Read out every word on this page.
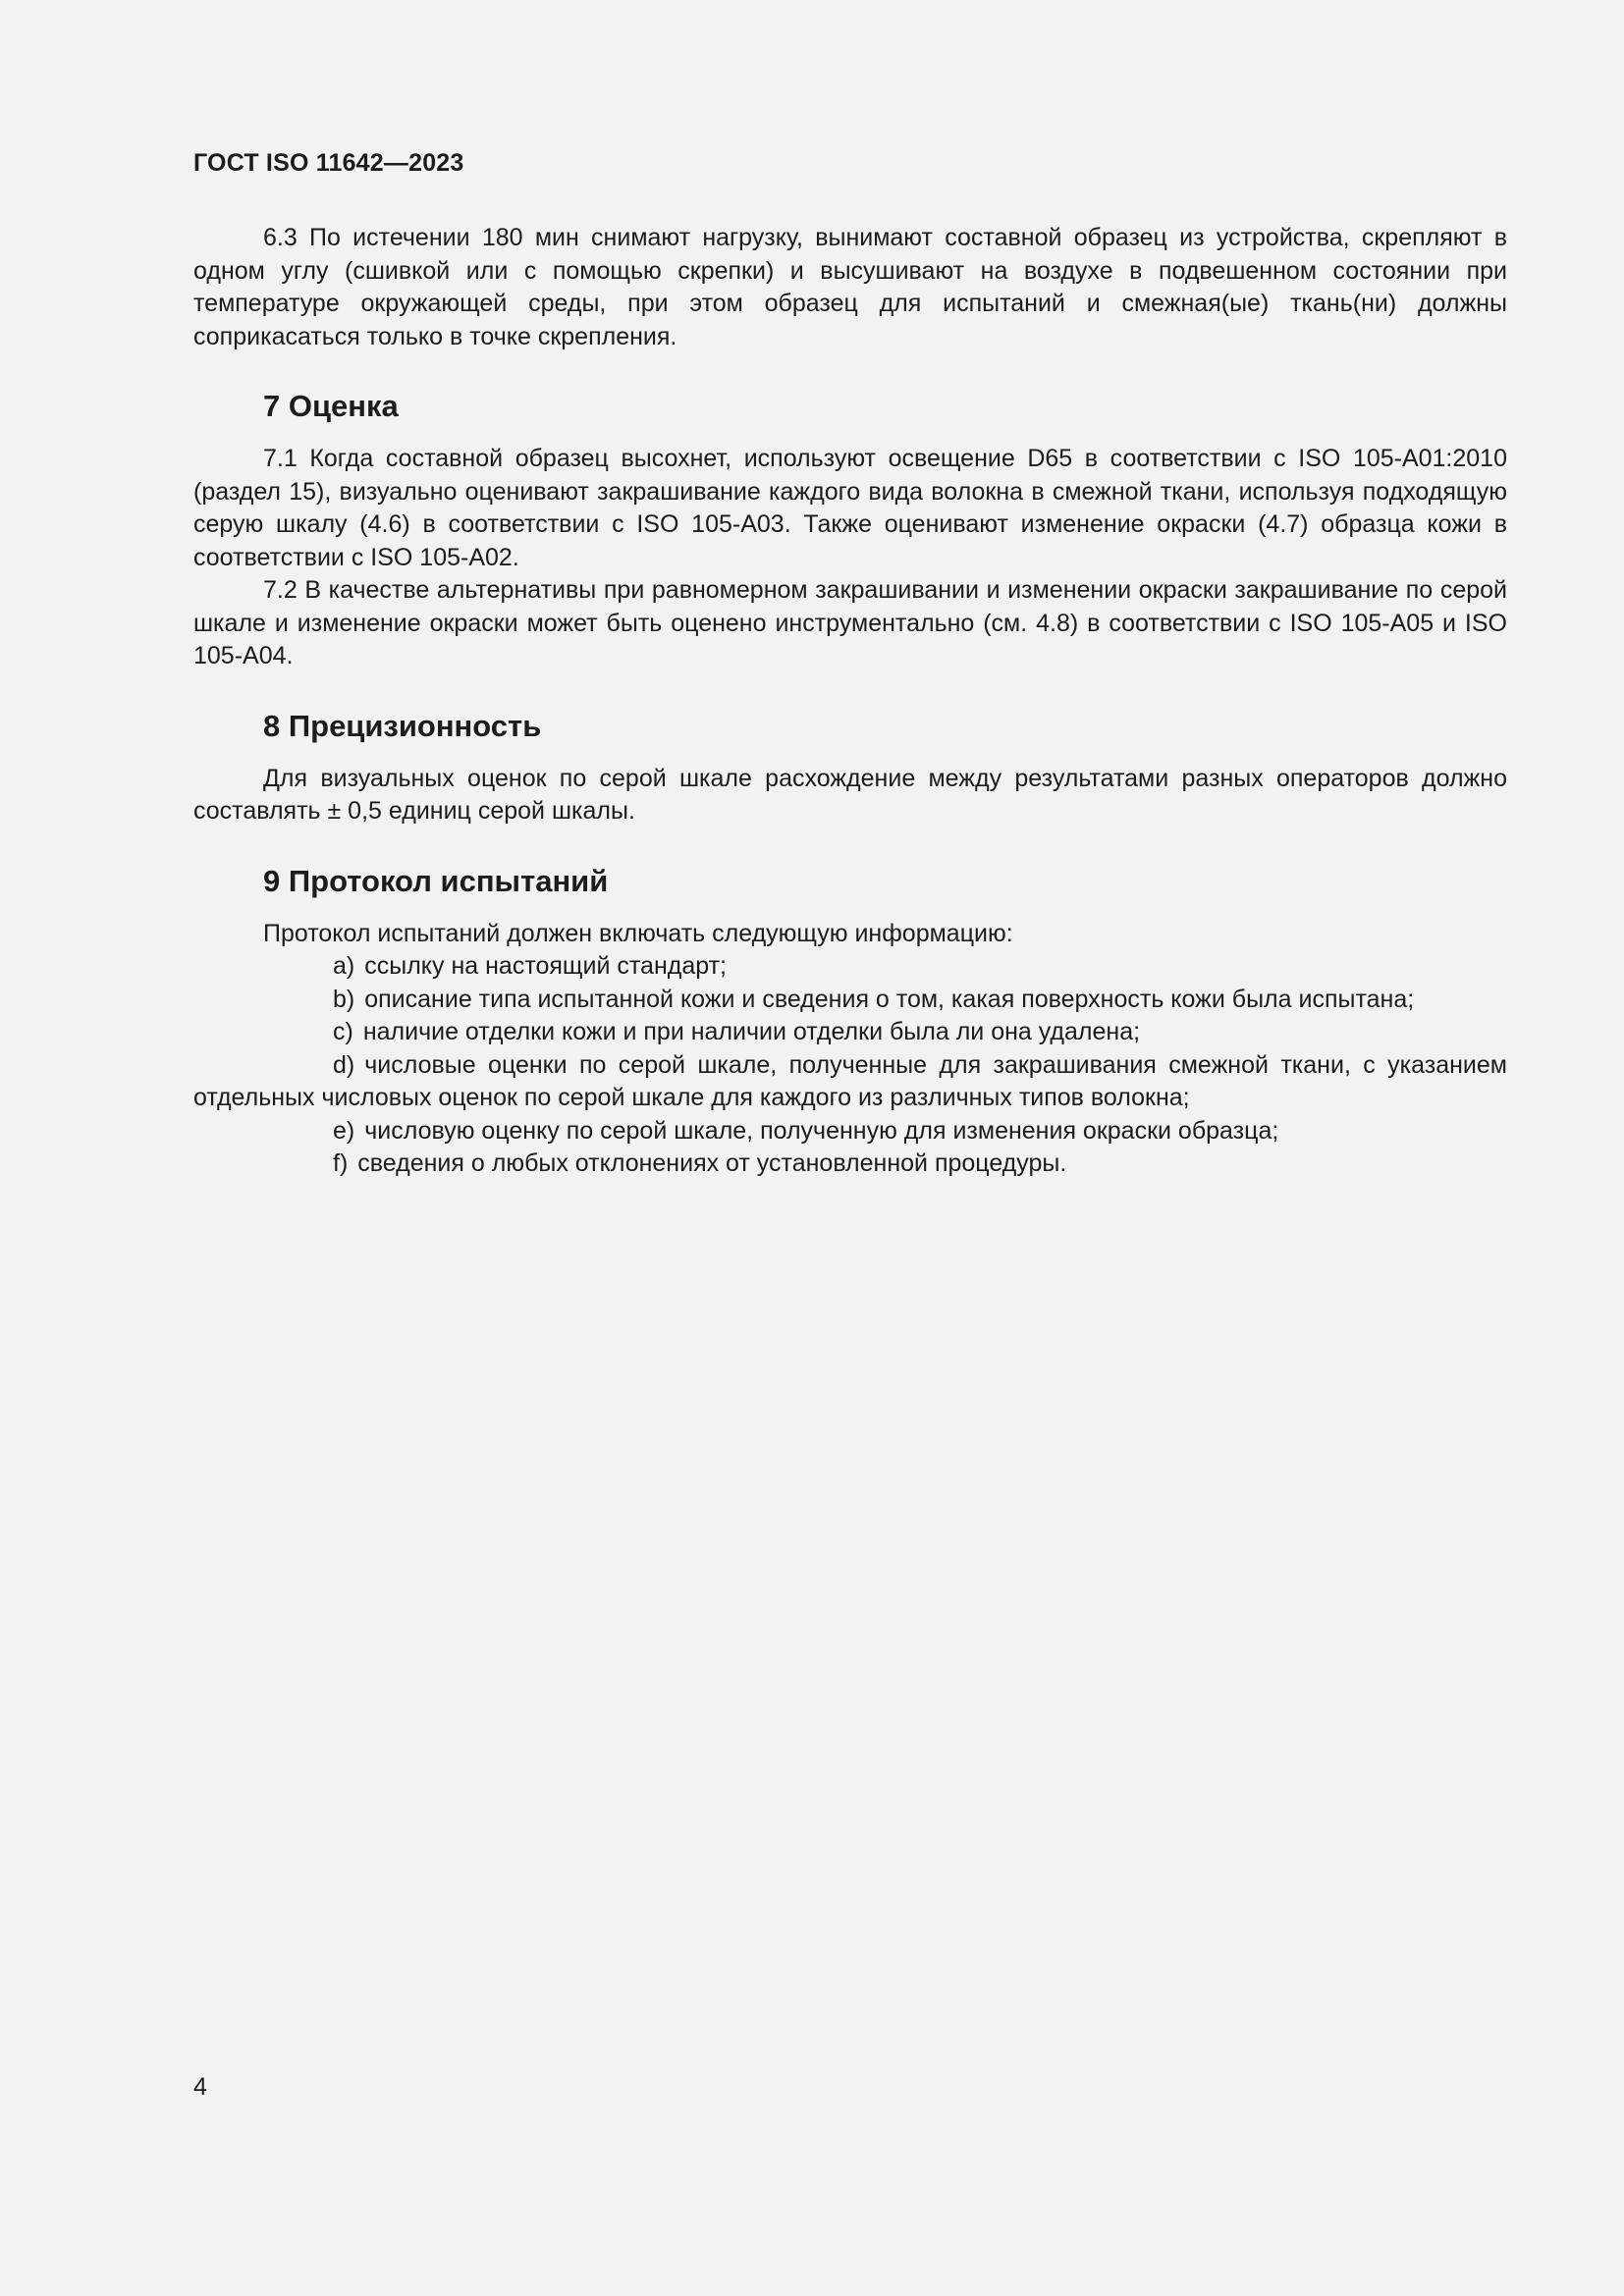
ГОСТ ISO 11642—2023

6.3 По истечении 180 мин снимают нагрузку, вынимают составной образец из устройства, скрепляют в одном углу (сшивкой или с помощью скрепки) и высушивают на воздухе в подвешенном состоянии при температуре окружающей среды, при этом образец для испытаний и смежная(ые) ткань(ни) должны соприкасаться только в точке скрепления.

7 Оценка

7.1 Когда составной образец высохнет, используют освещение D65 в соответствии с ISO 105-A01:2010 (раздел 15), визуально оценивают закрашивание каждого вида волокна в смежной ткани, используя подходящую серую шкалу (4.6) в соответствии с ISO 105-A03. Также оценивают изменение окраски (4.7) образца кожи в соответствии с ISO 105-A02.

7.2 В качестве альтернативы при равномерном закрашивании и изменении окраски закрашивание по серой шкале и изменение окраски может быть оценено инструментально (см. 4.8) в соответствии с ISO 105-A05 и ISO 105-A04.

8 Прецизионность

Для визуальных оценок по серой шкале расхождение между результатами разных операторов должно составлять ± 0,5 единиц серой шкалы.

9 Протокол испытаний

Протокол испытаний должен включать следующую информацию:

a) ссылку на настоящий стандарт;

b) описание типа испытанной кожи и сведения о том, какая поверхность кожи была испытана;

c) наличие отделки кожи и при наличии отделки была ли она удалена;

d) числовые оценки по серой шкале, полученные для закрашивания смежной ткани, с указанием отдельных числовых оценок по серой шкале для каждого из различных типов волокна;

e) числовую оценку по серой шкале, полученную для изменения окраски образца;

f) сведения о любых отклонениях от установленной процедуры.

4
